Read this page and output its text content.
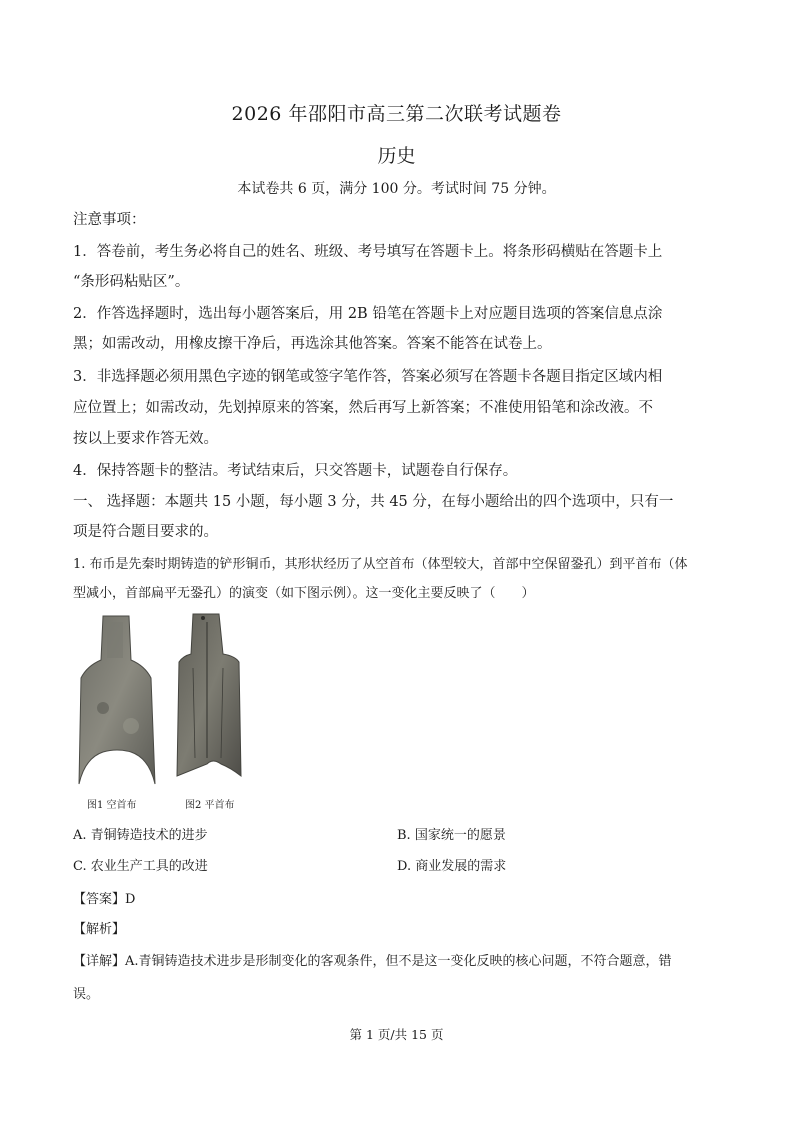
2026 年邵阳市高三第二次联考试题卷
历史
本试卷共 6 页，满分 100 分。考试时间 75 分钟。
注意事项：
1．答卷前，考生务必将自己的姓名、班级、考号填写在答题卡上。将条形码横贴在答题卡上
“条形码粘贴区”。
2．作答选择题时，选出每小题答案后，用 2B 铅笔在答题卡上对应题目选项的答案信息点涂
黑；如需改动，用橡皮擦干净后，再选涂其他答案。答案不能答在试卷上。
3．非选择题必须用黑色字迹的钢笔或签字笔作答，答案必须写在答题卡各题目指定区域内相
应位置上；如需改动，先划掉原来的答案，然后再写上新答案；不准使用铅笔和涂改液。不
按以上要求作答无效。
4．保持答题卡的整洁。考试结束后，只交答题卡，试题卷自行保存。
一、 选择题：本题共 15 小题，每小题 3 分，共 45 分，在每小题给出的四个选项中，只有一
项是符合题目要求的。
1. 布币是先秦时期铸造的铲形铜币，其形状经历了从空首布（体型较大，首部中空保留銎孔）到平首布（体
型减小，首部扁平无銎孔）的演变（如下图示例）。这一变化主要反映了（　　）
图1 空首布	图2 平首布
A. 青铜铸造技术的进步	B. 国家统一的愿景
C. 农业生产工具的改进	D. 商业发展的需求
【答案】D
【解析】
【详解】A.青铜铸造技术进步是形制变化的客观条件，但不是这一变化反映的核心问题，不符合题意，错
误。
第 1 页/共 15 页
